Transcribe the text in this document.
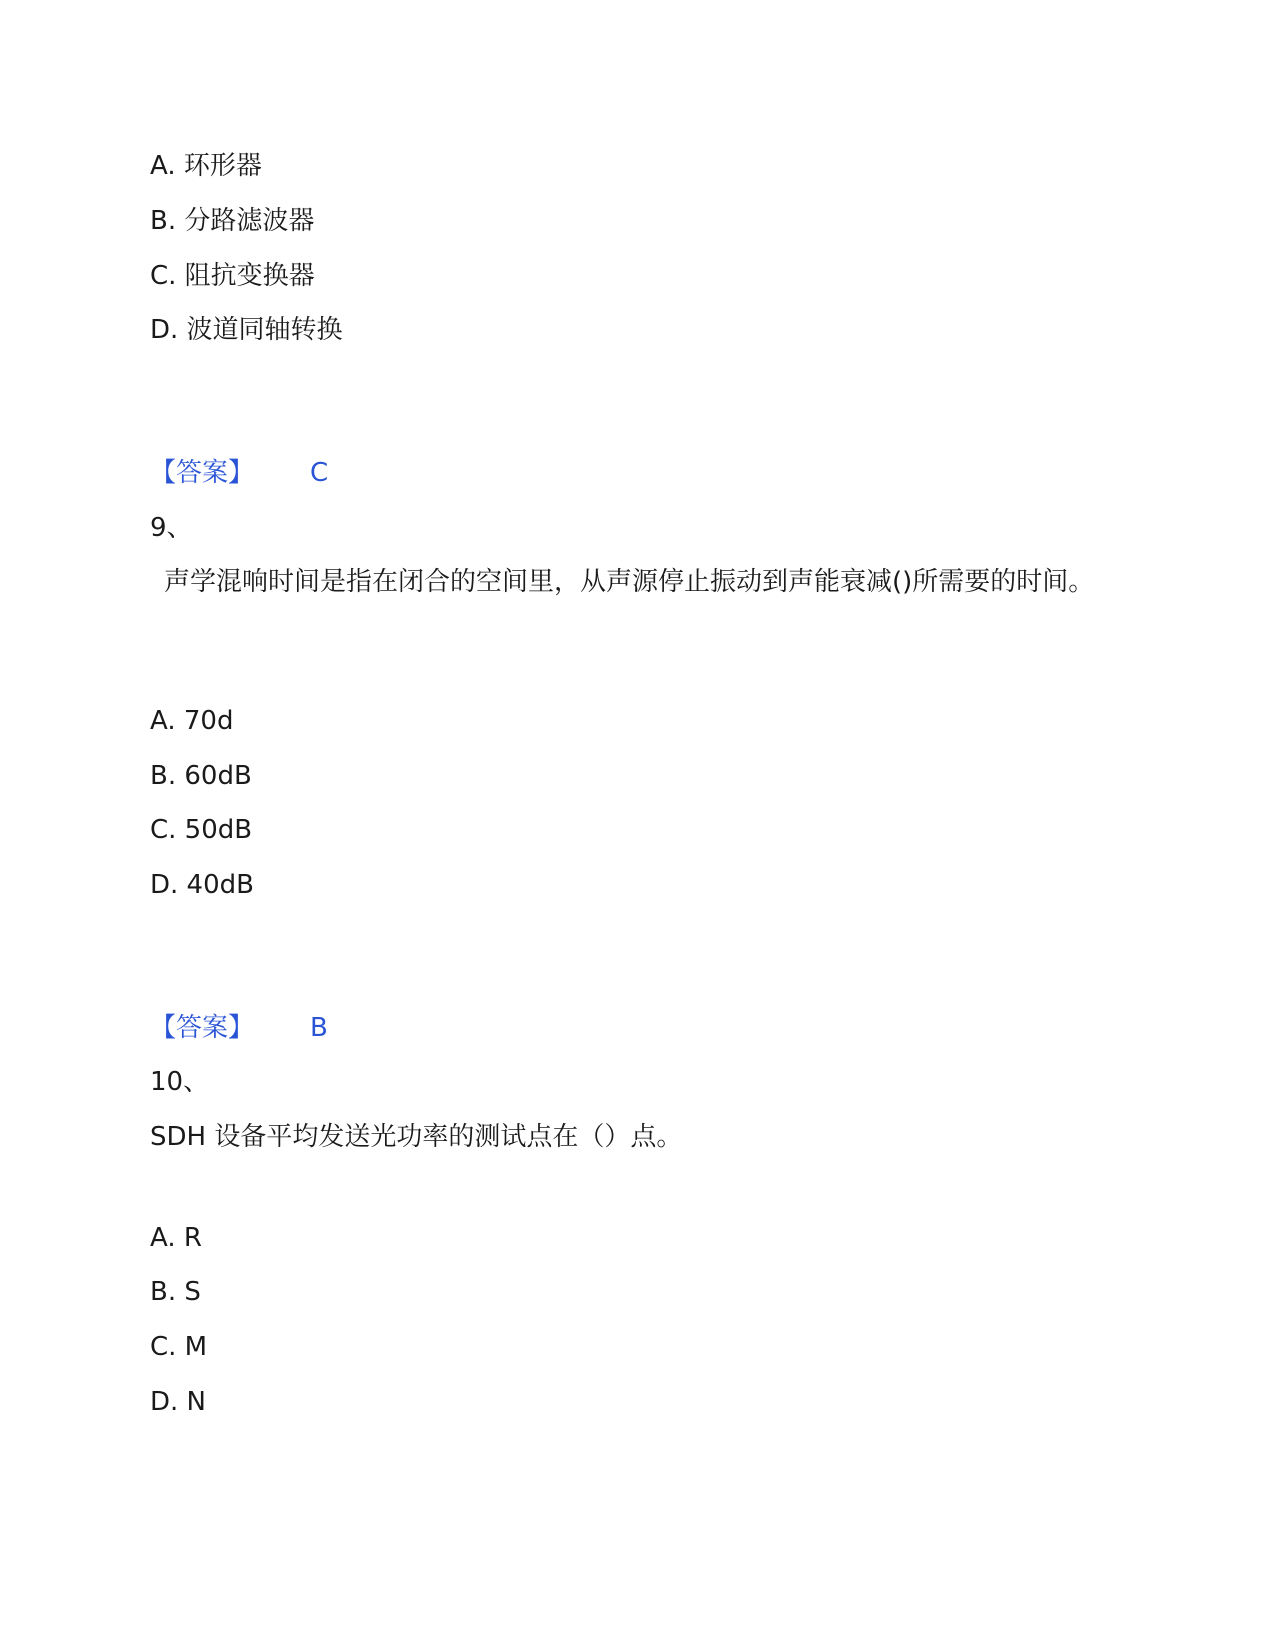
A. 环形器
B. 分路滤波器
C. 阻抗变换器
D. 波道同轴转换
【答案】 C
9、
声学混响时间是指在闭合的空间里，从声源停止振动到声能衰减()所需要的时间。
A. 70d
B. 60dB
C. 50dB
D. 40dB
【答案】 B
10、
SDH 设备平均发送光功率的测试点在（）点。
A. R
B. S
C. M
D. N
